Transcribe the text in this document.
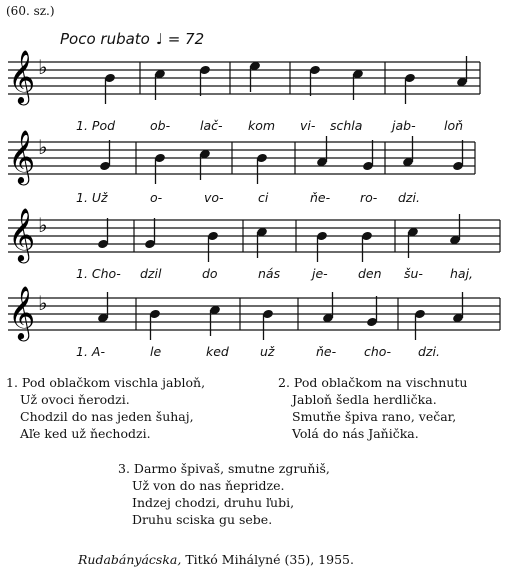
(60. sz.)
Poco rubato ♩ = 72
𝄞 ♭
𝄞 ♭
𝄞 ♭
𝄞 ♭
1. Pod	ob- lač- kom vi- schla jab- loň
1. Už	o-	vo-	ci	ňe- ro- dzi.
1. Cho- dzil	do	nás	je- den šu- haj,
1. A-	le	ked už	ňe- cho- dzi.
1. Pod oblačkom vischla jabloň,
Už ovoci ňerodzi.
Chodzil do nas jeden šuhaj,
Aľe ked už ňechodzi.
2. Pod oblačkom na vischnutu
Jabloň šedla herdlička.
Smutňe špiva rano, večar,
Volá do nás Jaňička.
3. Darmo špivaš, smutne zgruňiš,
Už von do nas ňepridze.
Indzej chodzi, druhu ľubi,
Druhu sciska gu sebe.
Rudabányácska, Titkó Mihályné (35), 1955.
